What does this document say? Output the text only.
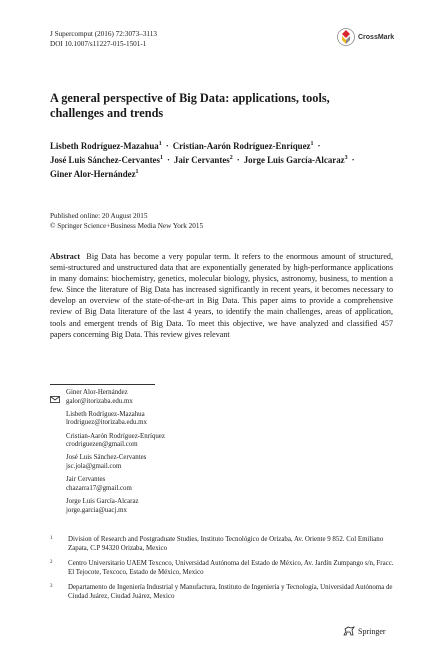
J Supercomput (2016) 72:3073–3113
DOI 10.1007/s11227-015-1501-1
CrossMark
A general perspective of Big Data: applications, tools, challenges and trends
Lisbeth Rodríguez-Mazahua$^1$ · Cristian-Aarón Rodríguez-Enríquez$^1$ ·
José Luis Sánchez-Cervantes$^1$ · Jair Cervantes$^2$ · Jorge Luis García-Alcaraz$^3$ ·
Giner Alor-Hernández$^1$
Published online: 20 August 2015
© Springer Science+Business Media New York 2015
Abstract Big Data has become a very popular term. It refers to the enormous amount of structured, semi-structured and unstructured data that are exponentially generated by high-performance applications in many domains: biochemistry, genetics, molecular biology, physics, astronomy, business, to mention a few. Since the literature of Big Data has increased significantly in recent years, it becomes necessary to develop an overview of the state-of-the-art in Big Data. This paper aims to provide a comprehensive review of Big Data literature of the last 4 years, to identify the main challenges, areas of application, tools and emergent trends of Big Data. To meet this objective, we have analyzed and classified 457 papers concerning Big Data. This review gives relevant
Giner Alor-Hernández
galor@itorizaba.edu.mx
Lisbeth Rodríguez-Mazahua
lrodriguez@itorizaba.edu.mx
Cristian-Aarón Rodríguez-Enríquez
crodriguezen@gmail.com
José Luis Sánchez-Cervantes
jsc.jola@gmail.com
Jair Cervantes
chazarra17@gmail.com
Jorge Luis García-Alcaraz
jorge.garcia@uacj.mx
1	Division of Research and Postgraduate Studies, Instituto Tecnológico de Orizaba, Av. Oriente 9 852. Col Emiliano Zapata, C.P 94320 Orizaba, Mexico
2	Centro Universitario UAEM Texcoco, Universidad Autónoma del Estado de México, Av. Jardín Zumpango s/n, Fracc. El Tejocote, Texcoco, Estado de México, Mexico
3	Departamento de Ingeniería Industrial y Manufactura, Instituto de Ingeniería y Tecnología, Universidad Autónoma de Ciudad Juárez, Ciudad Juárez, Mexico
Springer
